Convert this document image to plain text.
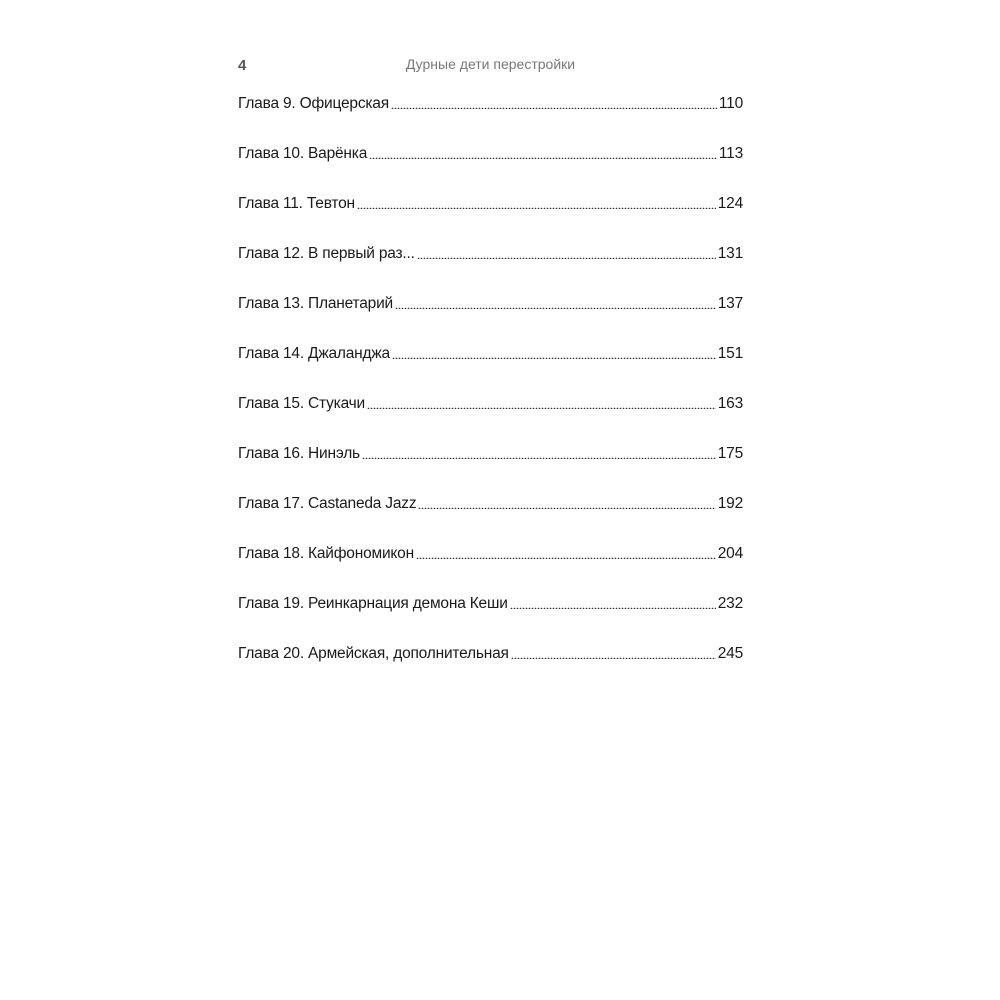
4	Дурные дети перестройки
Глава 9. Офицерская	110
Глава 10. Варёнка	113
Глава 11. Тевтон	124
Глава 12. В первый раз...	131
Глава 13. Планетарий	137
Глава 14. Джаланджа	151
Глава 15. Стукачи	163
Глава 16. Нинэль	175
Глава 17. Castaneda Jazz	192
Глава 18. Кайфономикон	204
Глава 19. Реинкарнация демона Кеши	232
Глава 20. Армейская, дополнительная	245
